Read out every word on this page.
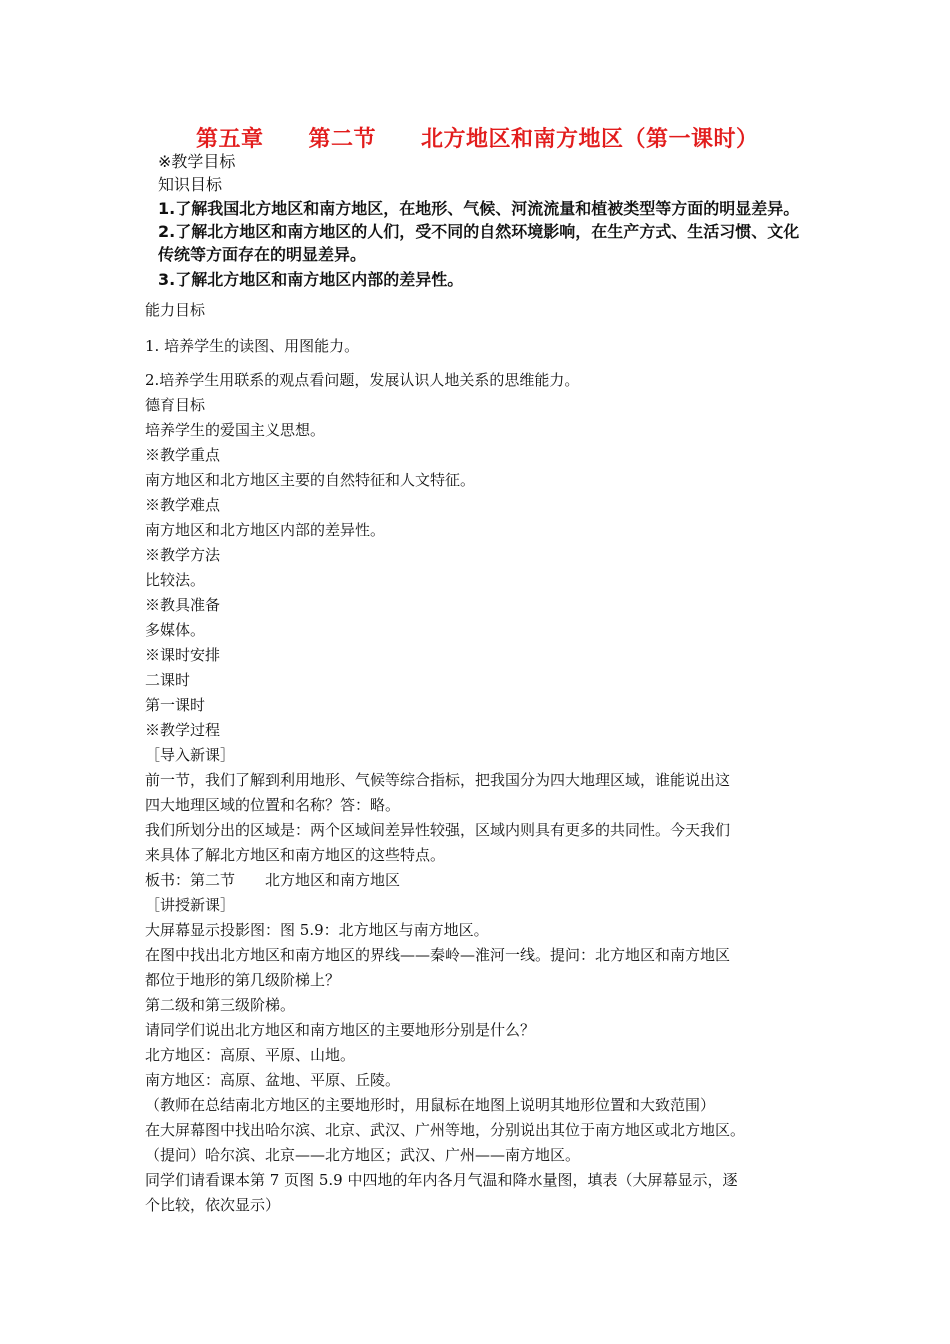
第五章　　第二节　　北方地区和南方地区（第一课时）
※教学目标
知识目标
1.了解我国北方地区和南方地区，在地形、气候、河流流量和植被类型等方面的明显差异。
2.了解北方地区和南方地区的人们，受不同的自然环境影响，在生产方式、生活习惯、文化
传统等方面存在的明显差异。
3.了解北方地区和南方地区内部的差异性。

能力目标

1. 培养学生的读图、用图能力。

2.培养学生用联系的观点看问题，发展认识人地关系的思维能力。

德育目标

培养学生的爱国主义思想。

※教学重点

南方地区和北方地区主要的自然特征和人文特征。

※教学难点

南方地区和北方地区内部的差异性。

※教学方法

比较法。

※教具准备

多媒体。

※课时安排

二课时

第一课时

※教学过程

［导入新课］

前一节，我们了解到利用地形、气候等综合指标，把我国分为四大地理区域，谁能说出这

四大地理区域的位置和名称？答：略。

我们所划分出的区域是：两个区域间差异性较强，区域内则具有更多的共同性。今天我们

来具体了解北方地区和南方地区的这些特点。

板书：第二节　　北方地区和南方地区

［讲授新课］

大屏幕显示投影图：图 5.9：北方地区与南方地区。

在图中找出北方地区和南方地区的界线——秦岭—淮河一线。提问：北方地区和南方地区

都位于地形的第几级阶梯上？

第二级和第三级阶梯。

请同学们说出北方地区和南方地区的主要地形分别是什么？

北方地区：高原、平原、山地。

南方地区：高原、盆地、平原、丘陵。

（教师在总结南北方地区的主要地形时，用鼠标在地图上说明其地形位置和大致范围）

在大屏幕图中找出哈尔滨、北京、武汉、广州等地，分别说出其位于南方地区或北方地区。

（提问）哈尔滨、北京——北方地区；武汉、广州——南方地区。

同学们请看课本第 7 页图 5.9 中四地的年内各月气温和降水量图，填表（大屏幕显示，逐

个比较，依次显示）
